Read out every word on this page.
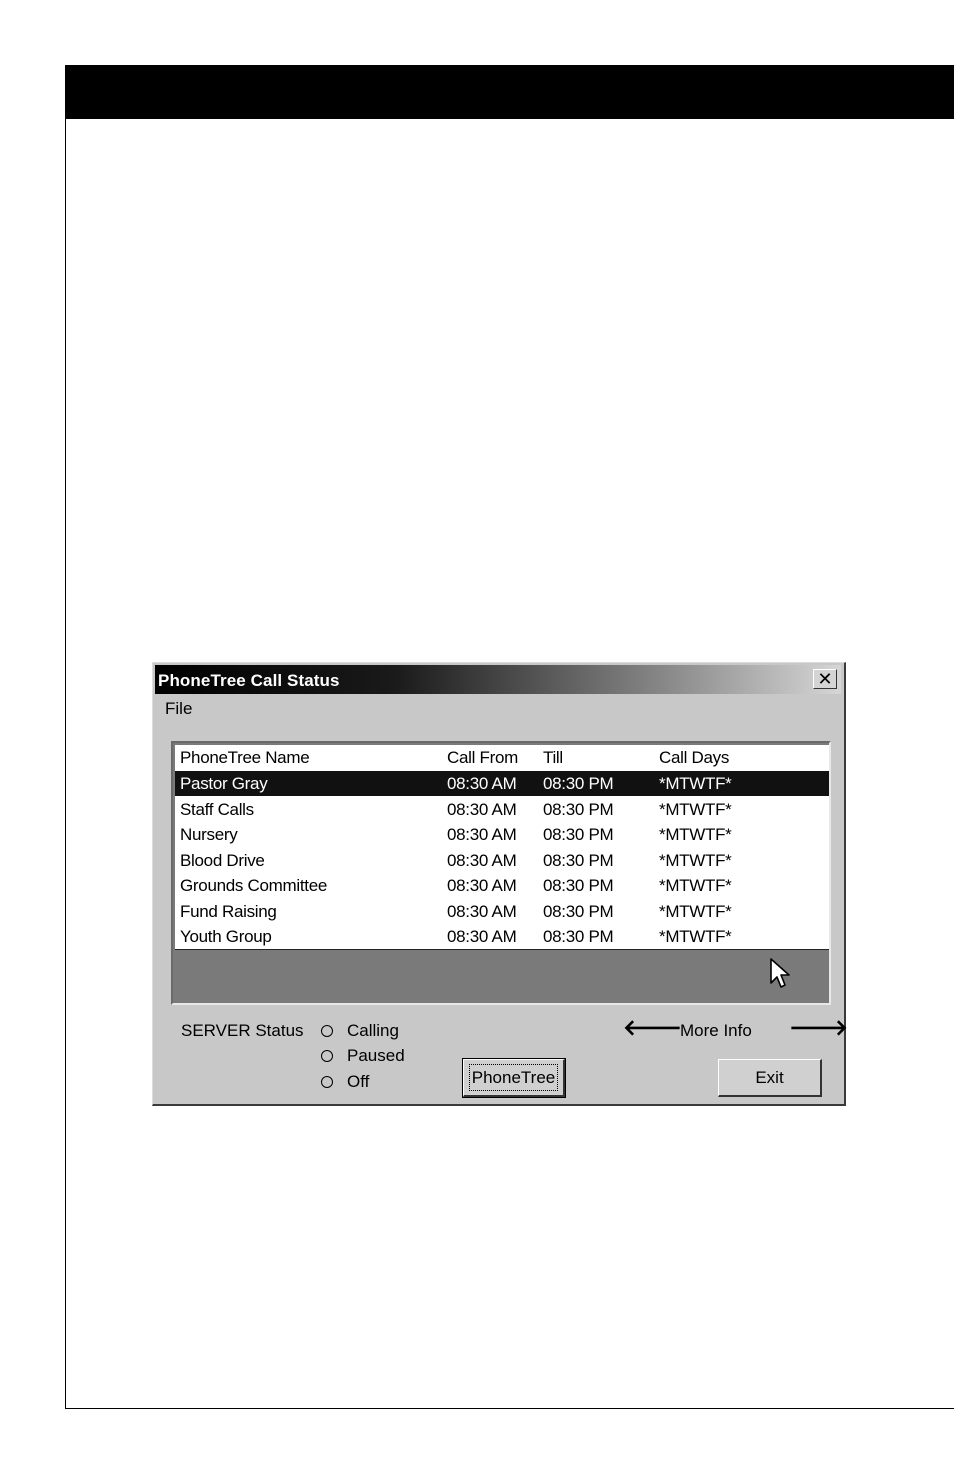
PhoneTree Call Status	✕
File
PhoneTree Name	Call From Till	Call Days
Pastor Gray	08:30 AM 08:30 PM	*MTWTF*
Staff Calls	08:30 AM 08:30 PM	*MTWTF*
Nursery	08:30 AM 08:30 PM	*MTWTF*
Blood Drive	08:30 AM 08:30 PM	*MTWTF*
Grounds Committee	08:30 AM 08:30 PM	*MTWTF*
Fund Raising	08:30 AM 08:30 PM	*MTWTF*
Youth Group	08:30 AM 08:30 PM	*MTWTF*
SERVER Status	Calling
Paused
Off
🡐
More Info 🡒
PhoneTree	Exit
